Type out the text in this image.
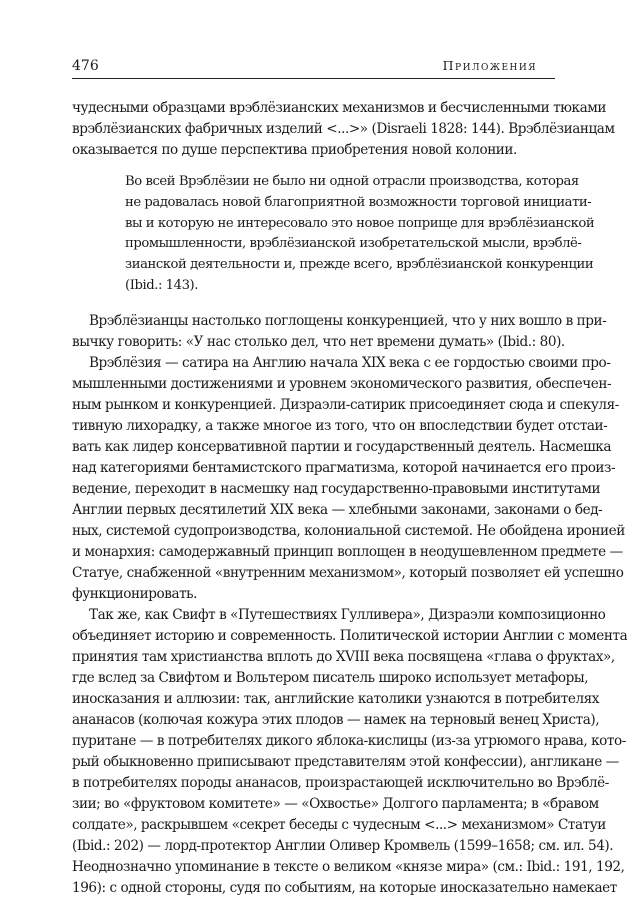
476	Приложения
чудесными образцами врэблёзианских механизмов и бесчисленными тюками
врэблёзианских фабричных изделий <...>» (Disraeli 1828: 144). Врэблёзианцам
оказывается по душе перспектива приобретения новой колонии.
Во всей Врэблёзии не было ни одной отрасли производства, которая
не радовалась новой благоприятной возможности торговой инициати-
вы и которую не интересовало это новое поприще для врэблёзианской
промышленности, врэблёзианской изобретательской мысли, врэблё-
зианской деятельности и, прежде всего, врэблёзианской конкуренции
(Ibid.: 143).
Врэблёзианцы настолько поглощены конкуренцией, что у них вошло в при-
вычку говорить: «У нас столько дел, что нет времени думать» (Ibid.: 80).
Врэблёзия — сатира на Англию начала XIX века с ее гордостью своими про-
мышленными достижениями и уровнем экономического развития, обеспечен-
ным рынком и конкуренцией. Дизраэли-сатирик присоединяет сюда и спекуля-
тивную лихорадку, а также многое из того, что он впоследствии будет отстаи-
вать как лидер консервативной партии и государственный деятель. Насмешка
над категориями бентамистского прагматизма, которой начинается его произ-
ведение, переходит в насмешку над государственно-правовыми институтами
Англии первых десятилетий XIX века — хлебными законами, законами о бед-
ных, системой судопроизводства, колониальной системой. Не обойдена иронией
и монархия: самодержавный принцип воплощен в неодушевленном предмете —
Статуе, снабженной «внутренним механизмом», который позволяет ей успешно
функционировать.
Так же, как Свифт в «Путешествиях Гулливера», Дизраэли композиционно
объединяет историю и современность. Политической истории Англии с момента
принятия там христианства вплоть до XVIII века посвящена «глава о фруктах»,
где вслед за Свифтом и Вольтером писатель широко использует метафоры,
иносказания и аллюзии: так, английские католики узнаются в потребителях
ананасов (колючая кожура этих плодов — намек на терновый венец Христа),
пуритане — в потребителях дикого яблока-кислицы (из-за угрюмого нрава, кото-
рый обыкновенно приписывают представителям этой конфессии), англикане —
в потребителях породы ананасов, произрастающей исключительно во Врэблё-
зии; во «фруктовом комитете» — «Охвостье» Долгого парламента; в «бравом
солдате», раскрывшем «секрет беседы с чудесным <...> механизмом» Статуи
(Ibid.: 202) — лорд-протектор Англии Оливер Кромвель (1599–1658; см. ил. 54).
Неоднозначно упоминание в тексте о великом «князе мира» (см.: Ibid.: 191, 192,
196): с одной стороны, судя по событиям, на которые иносказательно намекает
